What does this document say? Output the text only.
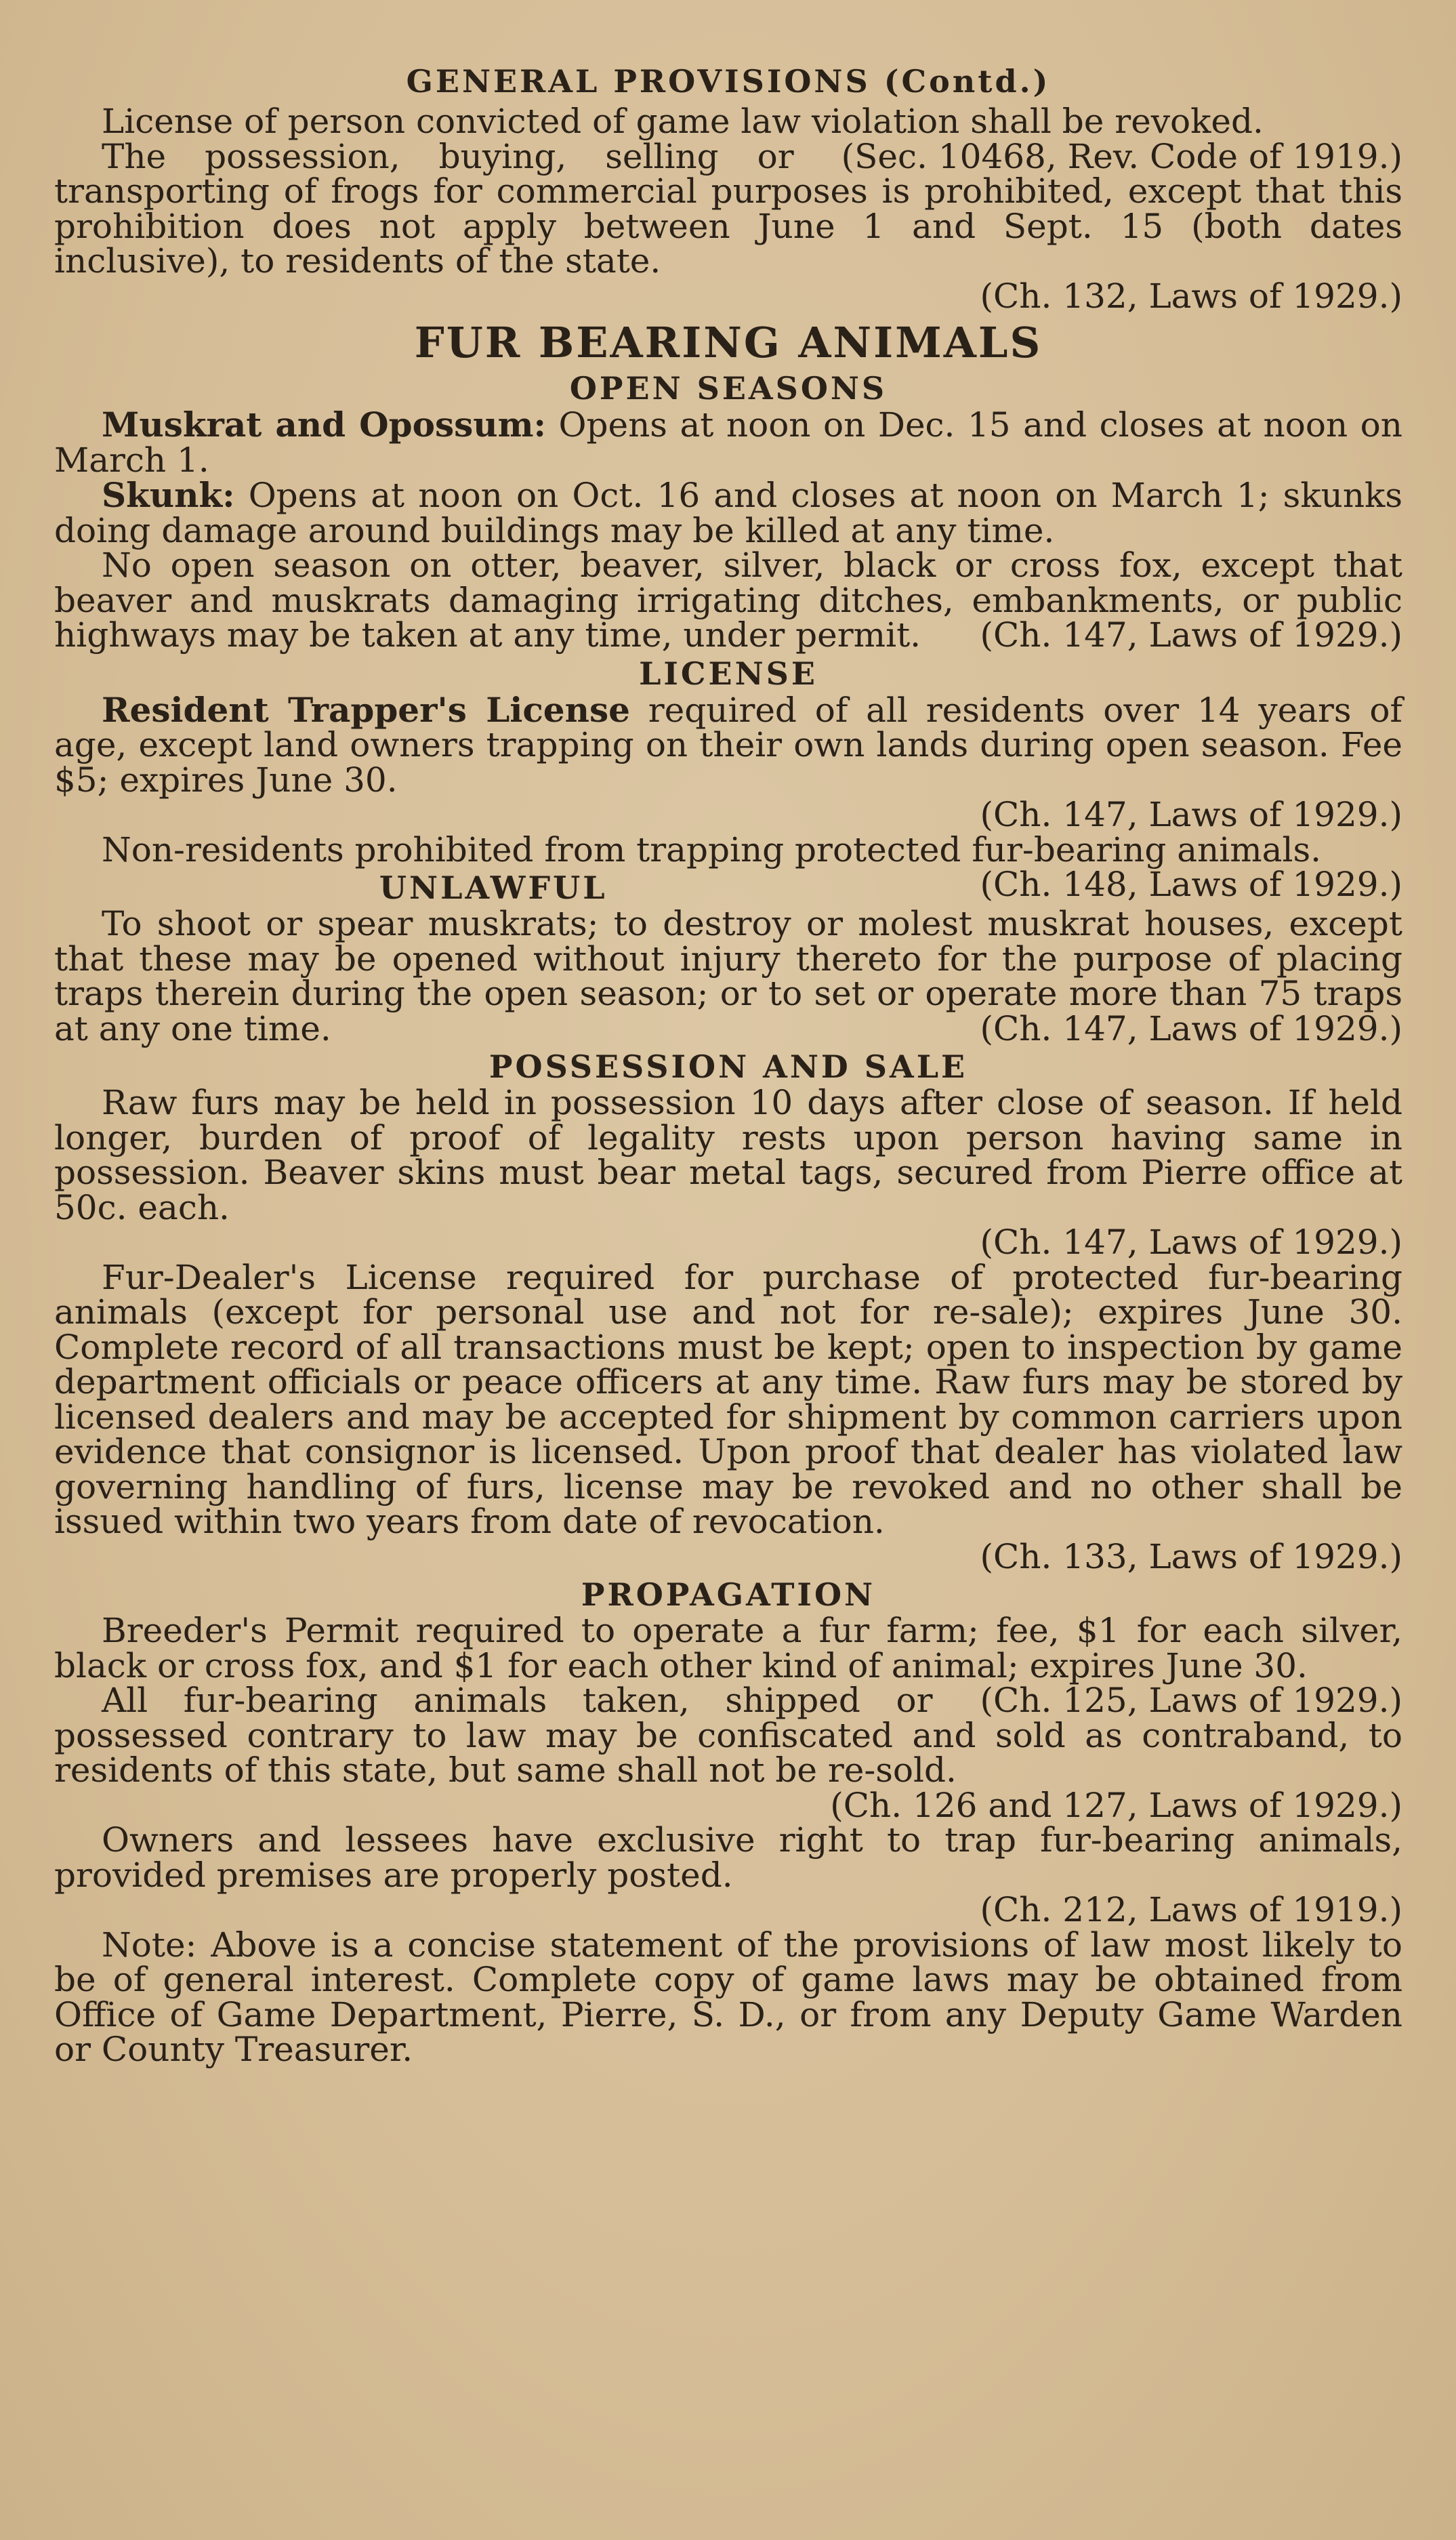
GENERAL PROVISIONS (Contd.)

License of person convicted of game law violation shall be revoked.
(Sec. 10468, Rev. Code of 1919.)

The possession, buying, selling or transporting of frogs for commercial purposes is prohibited, except that this prohibition does not apply between June 1 and Sept. 15 (both dates inclusive), to residents of the state.

(Ch. 132, Laws of 1929.)
FUR BEARING ANIMALS
OPEN SEASONS

Muskrat and Opossum: Opens at noon on Dec. 15 and closes at noon on March 1.

Skunk: Opens at noon on Oct. 16 and closes at noon on March 1; skunks doing damage around buildings may be killed at any time.

No open season on otter, beaver, silver, black or cross fox, except that beaver and muskrats damaging irrigating ditches, embankments, or public highways may be taken at any time, under permit.	(Ch. 147, Laws of 1929.)

LICENSE

Resident Trapper's License required of all residents over 14 years of age, except land owners trapping on their own lands during open season. Fee $5; expires June 30.

(Ch. 147, Laws of 1929.)

Non-residents prohibited from trapping protected fur-bearing animals.
(Ch. 148, Laws of 1929.)

UNLAWFUL

To shoot or spear muskrats; to destroy or molest muskrat houses, except that these may be opened without injury thereto for the purpose of placing traps therein during the open season; or to set or operate more than 75 traps at any one time.	(Ch. 147, Laws of 1929.)

POSSESSION AND SALE

Raw furs may be held in possession 10 days after close of season. If held longer, burden of proof of legality rests upon person having same in possession. Beaver skins must bear metal tags, secured from Pierre office at 50c. each.

(Ch. 147, Laws of 1929.)

Fur-Dealer's License required for purchase of protected fur-bearing animals (except for personal use and not for re-sale); expires June 30. Complete record of all transactions must be kept; open to inspection by game department officials or peace officers at any time. Raw furs may be stored by licensed dealers and may be accepted for shipment by common carriers upon evidence that consignor is licensed. Upon proof that dealer has violated law governing handling of furs, license may be revoked and no other shall be issued within two years from date of revocation.

(Ch. 133, Laws of 1929.)
PROPAGATION

Breeder's Permit required to operate a fur farm; fee, $1 for each silver, black or cross fox, and $1 for each other kind of animal; expires June 30.
(Ch. 125, Laws of 1929.)

All fur-bearing animals taken, shipped or possessed contrary to law may be confiscated and sold as contraband, to residents of this state, but same shall not be re-sold.

(Ch. 126 and 127, Laws of 1929.)

Owners and lessees have exclusive right to trap fur-bearing animals, provided premises are properly posted.

(Ch. 212, Laws of 1919.)

Note: Above is a concise statement of the provisions of law most likely to be of general interest. Complete copy of game laws may be obtained from Office of Game Department, Pierre, S. D., or from any Deputy Game Warden or County Treasurer.
